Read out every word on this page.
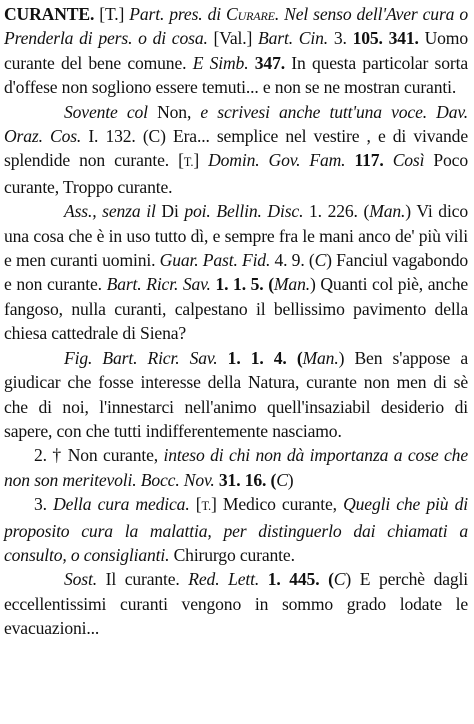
CURANTE. [T.] Part. pres. di Curare. Nel senso dell'Aver cura o Prenderla di pers. o di cosa. [Val.] Bart. Cin. 3. 105. 341. Uomo curante del bene comune. E Simb. 347. In questa particolar sorta d'offese non sogliono essere temuti... e non se ne mostran curanti.

Sovente col Non, e scrivesi anche tutt'una voce. Dav. Oraz. Cos. I. 132. (C) Era... semplice nel vestire , e di vivande splendide non curante. [T.] Domin. Gov. Fam. 117. Così Poco curante, Troppo curante.

Ass., senza il Di poi. Bellin. Disc. 1. 226. (Man.) Vi dico una cosa che è in uso tutto dì, e sempre fra le mani anco de' più vili e men curanti uomini. Guar. Past. Fid. 4. 9. (C) Fanciul vagabondo e non curante. Bart. Ricr. Sav. 1. 1. 5. (Man.) Quanti col piè, anche fangoso, nulla curanti, calpestano il bellissimo pavimento della chiesa cattedrale di Siena?

Fig. Bart. Ricr. Sav. 1. 1. 4. (Man.) Ben s'appose a giudicar che fosse interesse della Natura, curante non men di sè che di noi, l'innestarci nell'animo quell'insaziabil desiderio di sapere, con che tutti indifferentemente nasciamo.

2. † Non curante, inteso di chi non dà importanza a cose che non son meritevoli. Bocc. Nov. 31. 16. (C)

3. Della cura medica. [T.] Medico curante, Quegli che più di proposito cura la malattia, per distinguerlo dai chiamati a consulto, o consiglianti. Chirurgo curante.

Sost. Il curante. Red. Lett. 1. 445. (C) E perchè dagli eccellentissimi curanti vengono in sommo grado lodate le evacuazioni...
